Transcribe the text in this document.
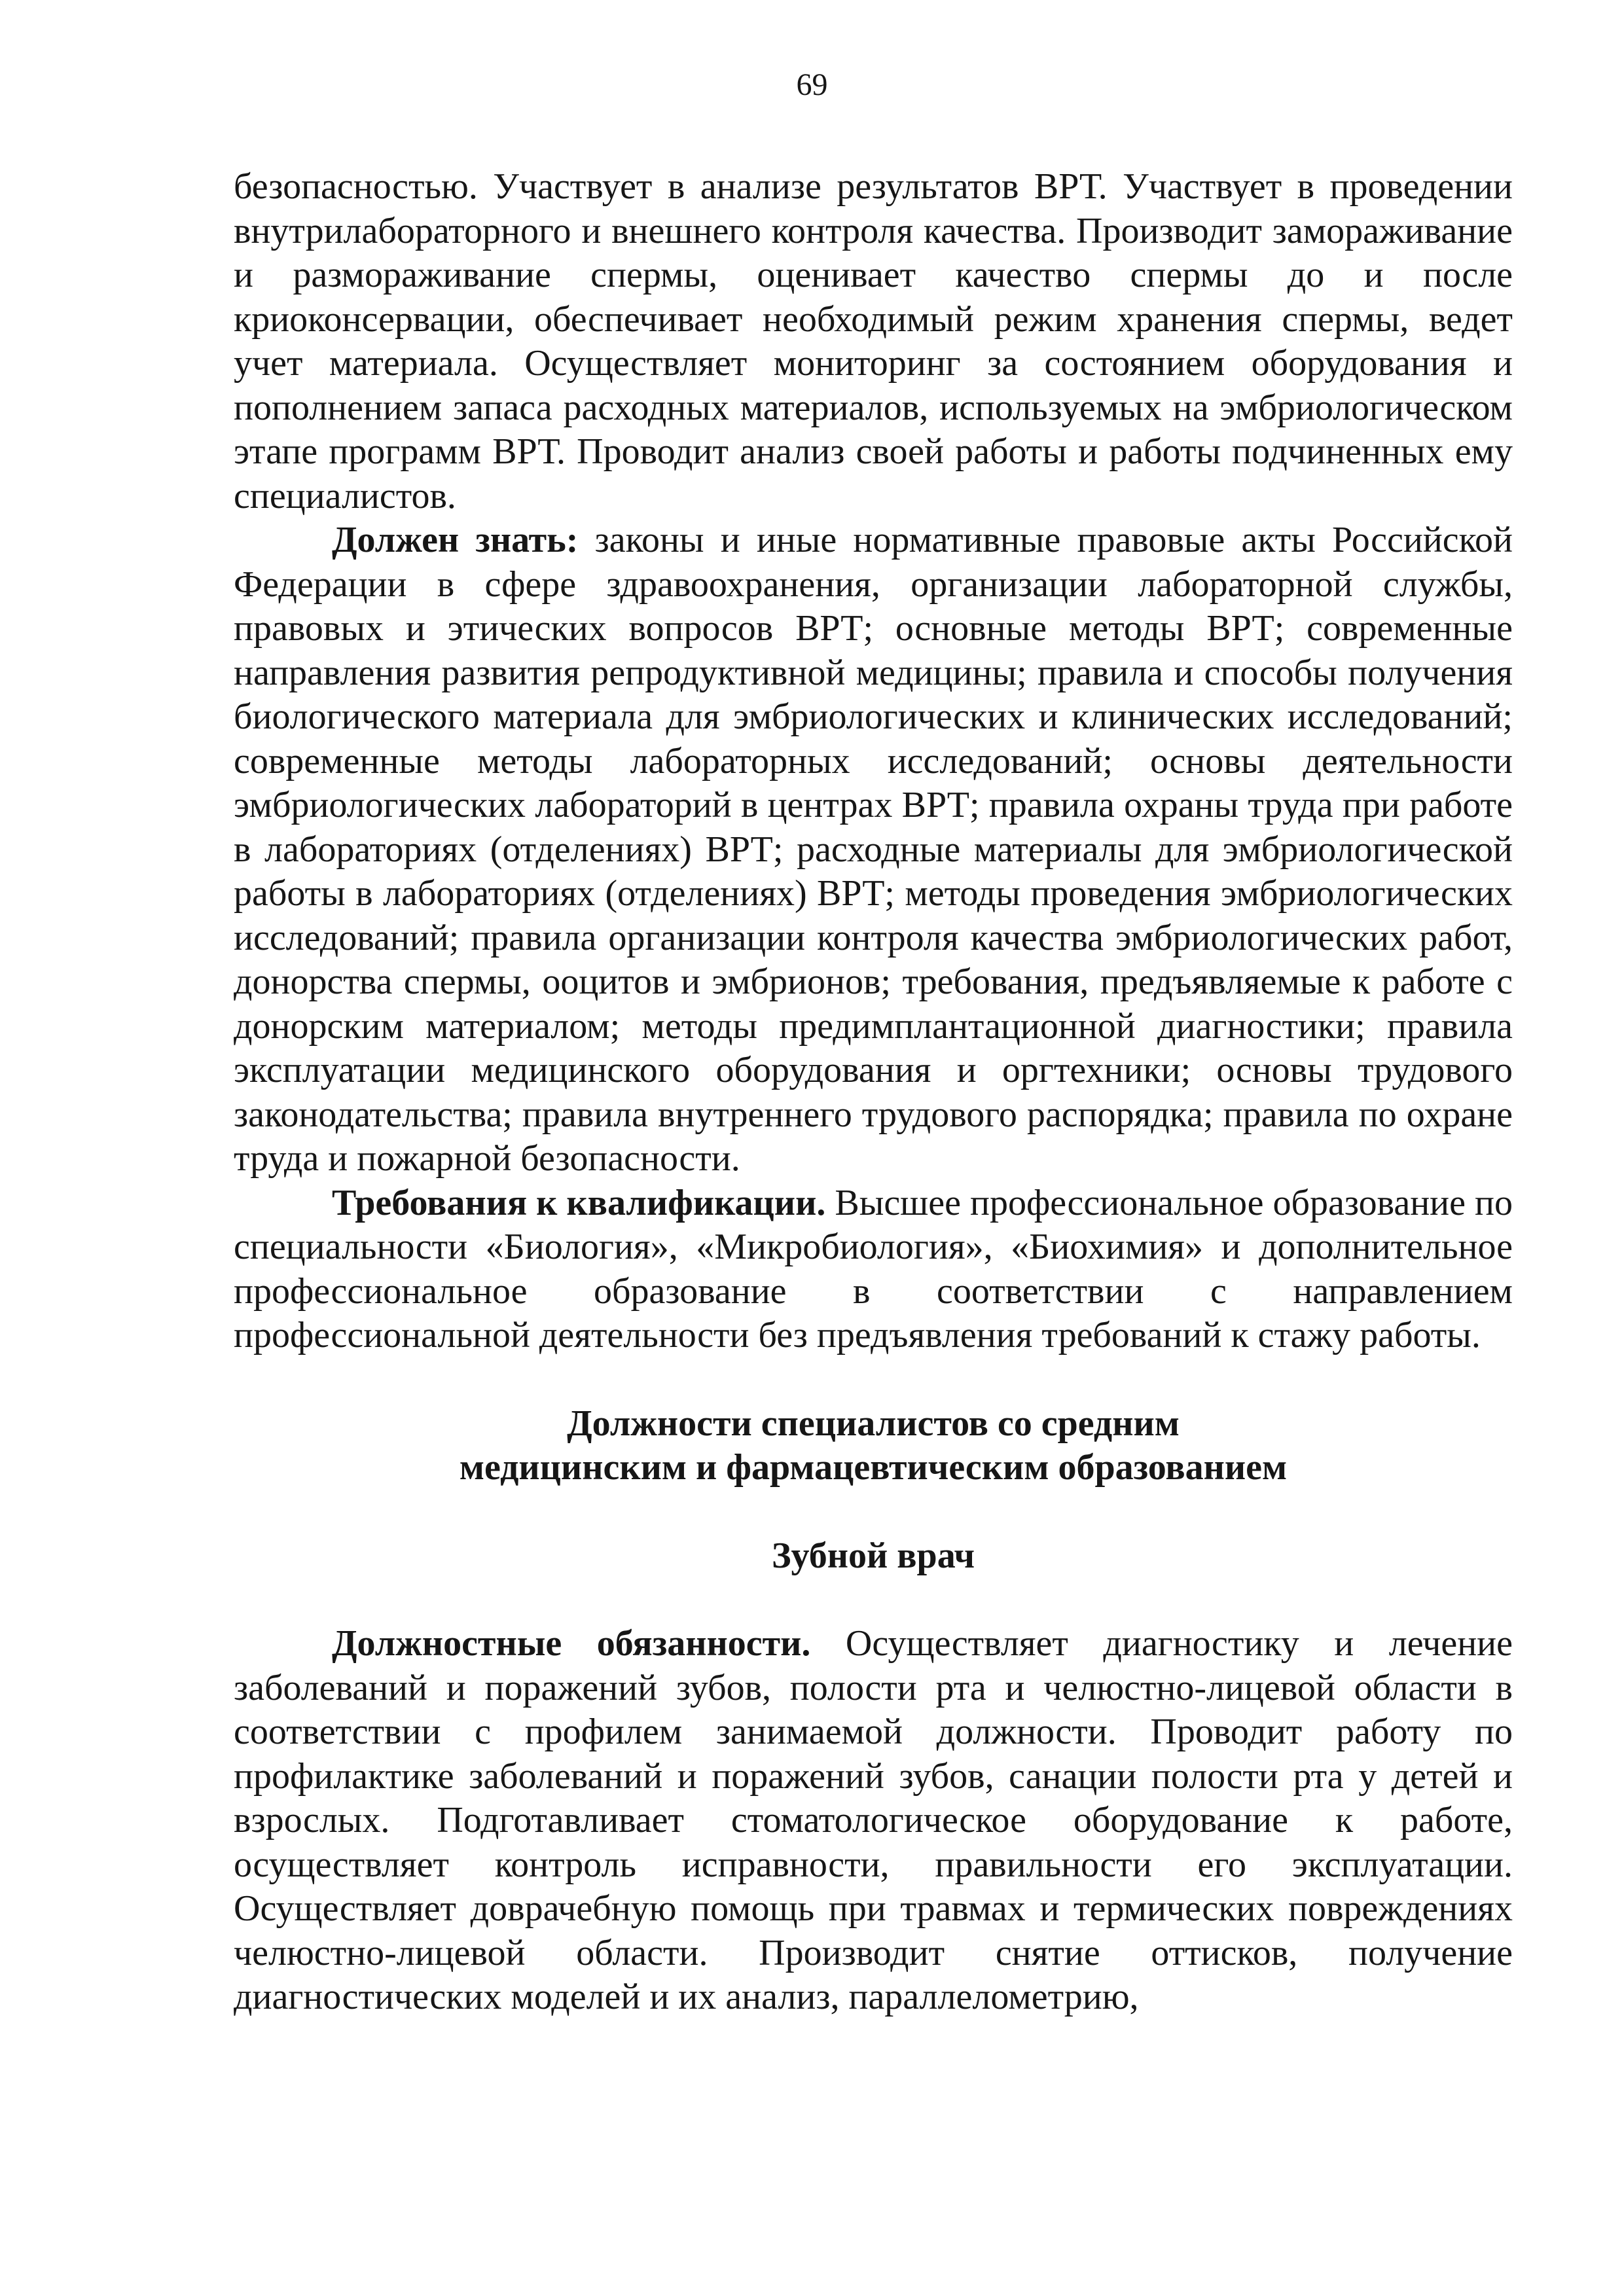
69

безопасностью. Участвует в анализе результатов ВРТ. Участвует в проведении внутрилабораторного и внешнего контроля качества. Производит замораживание и размораживание спермы, оценивает качество спермы до и после криоконсервации, обеспечивает необходимый режим хранения спермы, ведет учет материала. Осуществляет мониторинг за состоянием оборудования и пополнением запаса расходных материалов, используемых на эмбриологическом этапе программ ВРТ. Проводит анализ своей работы и работы подчиненных ему специалистов.

Должен знать: законы и иные нормативные правовые акты Российской Федерации в сфере здравоохранения, организации лабораторной службы, правовых и этических вопросов ВРТ; основные методы ВРТ; современные направления развития репродуктивной медицины; правила и способы получения биологического материала для эмбриологических и клинических исследований; современные методы лабораторных исследований; основы деятельности эмбриологических лабораторий в центрах ВРТ; правила охраны труда при работе в лабораториях (отделениях) ВРТ; расходные материалы для эмбриологической работы в лабораториях (отделениях) ВРТ; методы проведения эмбриологических исследований; правила организации контроля качества эмбриологических работ, донорства спермы, ооцитов и эмбрионов; требования, предъявляемые к работе с донорским материалом; методы предимплантационной диагностики; правила эксплуатации медицинского оборудования и оргтехники; основы трудового законодательства; правила внутреннего трудового распорядка; правила по охране труда и пожарной безопасности.

Требования к квалификации. Высшее профессиональное образование по специальности «Биология», «Микробиология», «Биохимия» и дополнительное профессиональное образование в соответствии с направлением профессиональной деятельности без предъявления требований к стажу работы.

Должности специалистов со средним

медицинским и фармацевтическим образованием

Зубной врач

Должностные обязанности. Осуществляет диагностику и лечение заболеваний и поражений зубов, полости рта и челюстно-лицевой области в соответствии с профилем занимаемой должности. Проводит работу по профилактике заболеваний и поражений зубов, санации полости рта у детей и взрослых. Подготавливает стоматологическое оборудование к работе, осуществляет контроль исправности, правильности его эксплуатации. Осуществляет доврачебную помощь при травмах и термических повреждениях челюстно-лицевой области. Производит снятие оттисков, получение диагностических моделей и их анализ, параллелометрию,
